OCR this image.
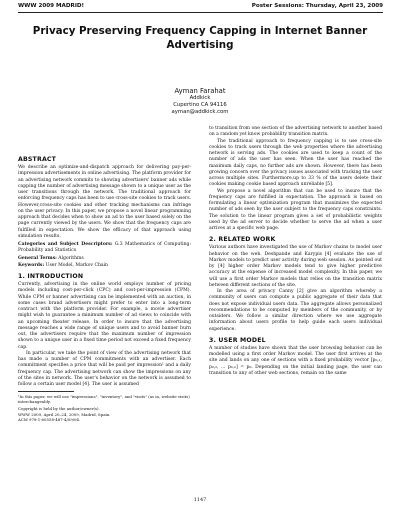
WWW 2009 MADRID!	Poster Sessions: Thursday, April 23, 2009
Privacy Preserving Frequency Capping in Internet Banner Advertising
Ayman Farahat
Addkick
Cupertino CA 94116
ayman@addkick.com
ABSTRACT

We describe an optimize-and-dispatch approach for delivering pay-per-impression advertisements in online advertising. The platform provider for an advertising network commits to showing advertisers' banner ads while capping the number of advertising message shown to a unique user as the user transitions through the network. The traditional approach for enforcing frequency caps has been to use cross-site cookies to track users. However,cross-site cookies and other tracking mechanisms can infringe on the user privacy. In this paper, we propose a novel linear programming approach that decides when to show an ad to the user based solely on the page currently viewed by the users. We show that the frequency caps are fulfilled in expectation. We show the efficacy of that approach using simulation results.

Categories and Subject Descriptors: G.3 Mathematics of Computing: Probability and Statistics

General Terms: Algorithms

Keywords: User Model, Markov Chain

1. INTRODUCTION

Currently, advertising in the online world employs number of pricing models including cost-per-click (CPC) and cost-per-impression (CPM). While CPM or banner advertising can be implemented with an auction, in some cases brand advertisers might prefer to enter into a long-term contract with the platform provider. For example, a movie advertiser might wish to guarantee a minimum number of ad views to coincide with an upcoming theater release. In order to insure that the advertising message reaches a wide range of unique users and to avoid banner burn out, the advertisers require that the maximum number of impression shown to a unique user in a fixed time period not exceed a fixed frequency cap.

In particular, we take the point of view of the advertising network that has made a number of CPM commitments with an advertiser. Each commitment specifies a price that will be paid per impression¹ and a daily frequency cap. The advertising network can show the impressions on any of the sites in network. The user's behavior on the network is assumed to follow a certain user model [4]. The user is assumed

¹In this paper, we will use "impressions", "inventory", and "visits" (as in, website visits) interchangeably.
Copyright is held by the author/owner(s).
WWW 2009, April 20–24, 2009, Madrid, Spain.
ACM 978-1-60558-487-4/09/04.

to transition from one section of the advertising network to another based on a random yet know probability transition matrix.

The traditional approach to frequency capping is to use cross-site cookies to track users through the web properties where the advertising network is serving ads. The cookies are used to keep a count of the number of ads the user has seen. When the user has reached the maximum daily caps, no further ads are shown. However, there has been growing concern over the privacy issues associated with tracking the user across multiple sites. Furthermore,up to 33 % of the users delete their cookies making cookie based approach unreliable [5].

We propose a novel algorithm that can be used to insure that the frequency caps are fulfilled in expectation. The approach is based on formulating a linear optimization program that maximizes the expected number of ads seen by the user subject to the frequency caps constraints. The solution to the linear program gives a set of probabilistic weights used by the ad server to decide whether to serve the ad when a user arrives at a specific web page.

2. RELATED WORK

Various authors have investigated the use of Markov chains to model user behavior on the web. Deshpande and Karypis [4] evaluate the use of Markov models to predict user activity during web session. As pointed out by [4] higher order Markov models tend to give higher predictive accuracy at the expense of increased model complexity. In this paper, we will use a first order Markov models that relies on the transition matrix between different sections of the site.

In the area of privacy Canny [2] give an algorithm whereby a community of users can compute a public aggregate of their data that does not expose individual users data. The aggregate allows personalized recommendations to be computed by members of the community, or by outsiders. We follow a similar direction where we use aggregate information about users profile to help guide each users individual experience.

3. USER MODEL

A number of studies have shown that the user browsing behavior can be modelled using a first order Markov model. The user first arrives at the site and lands on any one of sections with a fixed probability vector [p₀,₁, p₀,₂, … p₀,ₙ] = p₀. Depending on the initial landing page, the user can transition to any of other web sections, remain on the same

1147
